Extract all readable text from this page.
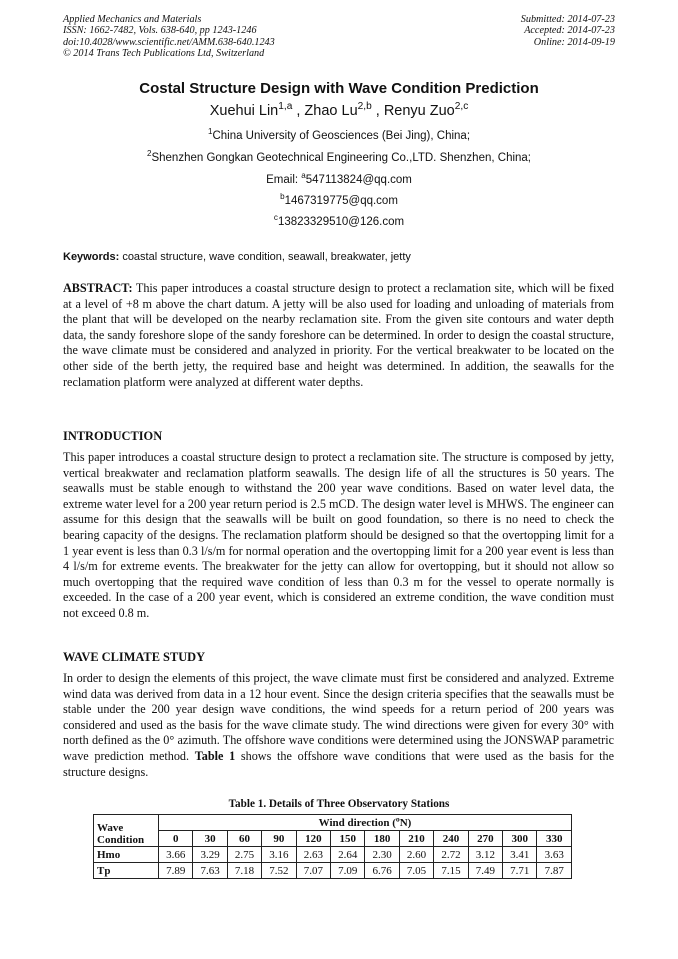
Applied Mechanics and Materials
ISSN: 1662-7482, Vols. 638-640, pp 1243-1246
doi:10.4028/www.scientific.net/AMM.638-640.1243
© 2014 Trans Tech Publications Ltd, Switzerland
Submitted: 2014-07-23
Accepted: 2014-07-23
Online: 2014-09-19
Costal Structure Design with Wave Condition Prediction
Xuehui Lin$^{1,a}$ , Zhao Lu$^{2,b}$ , Renyu Zuo$^{2,c}$
$^1$China University of Geosciences (Bei Jing), China;
$^2$Shenzhen Gongkan Geotechnical Engineering Co.,LTD. Shenzhen, China;
Email: $^a$547113824@qq.com
$^b$1467319775@qq.com
$^c$13823329510@126.com
Keywords: coastal structure, wave condition, seawall, breakwater, jetty
ABSTRACT: This paper introduces a coastal structure design to protect a reclamation site, which will be fixed at a level of +8 m above the chart datum. A jetty will be also used for loading and unloading of materials from the plant that will be developed on the nearby reclamation site. From the given site contours and water depth data, the sandy foreshore slope of the sandy foreshore can be determined. In order to design the coastal structure, the wave climate must be considered and analyzed in priority. For the vertical breakwater to be located on the other side of the berth jetty, the required base and height was determined. In addition, the seawalls for the reclamation platform were analyzed at different water depths.
INTRODUCTION
This paper introduces a coastal structure design to protect a reclamation site. The structure is composed by jetty, vertical breakwater and reclamation platform seawalls. The design life of all the structures is 50 years. The seawalls must be stable enough to withstand the 200 year wave conditions. Based on water level data, the extreme water level for a 200 year return period is 2.5 mCD. The design water level is MHWS. The engineer can assume for this design that the seawalls will be built on good foundation, so there is no need to check the bearing capacity of the designs. The reclamation platform should be designed so that the overtopping limit for a 1 year event is less than 0.3 l/s/m for normal operation and the overtopping limit for a 200 year event is less than 4 l/s/m for extreme events. The breakwater for the jetty can allow for overtopping, but it should not allow so much overtopping that the required wave condition of less than 0.3 m for the vessel to operate normally is exceeded. In the case of a 200 year event, which is considered an extreme condition, the wave condition must not exceed 0.8 m.
WAVE CLIMATE STUDY
In order to design the elements of this project, the wave climate must first be considered and analyzed. Extreme wind data was derived from data in a 12 hour event. Since the design criteria specifies that the seawalls must be stable under the 200 year design wave conditions, the wind speeds for a return period of 200 years was considered and used as the basis for the wave climate study. The wind directions were given for every 30° with north defined as the 0° azimuth. The offshore wave conditions were determined using the JONSWAP parametric wave prediction method. Table 1 shows the offshore wave conditions that were used as the basis for the structure designs.
Table 1. Details of Three Observatory Stations
Wave
Condition	Wind direction ($^o$N)											
	0	30	60	90	120	150	180	210	240	270	300	330
Hmo	3.66	3.29	2.75	3.16	2.63	2.64	2.30	2.60	2.72	3.12	3.41	3.63
Tp	7.89	7.63	7.18	7.52	7.07	7.09	6.76	7.05	7.15	7.49	7.71	7.87
